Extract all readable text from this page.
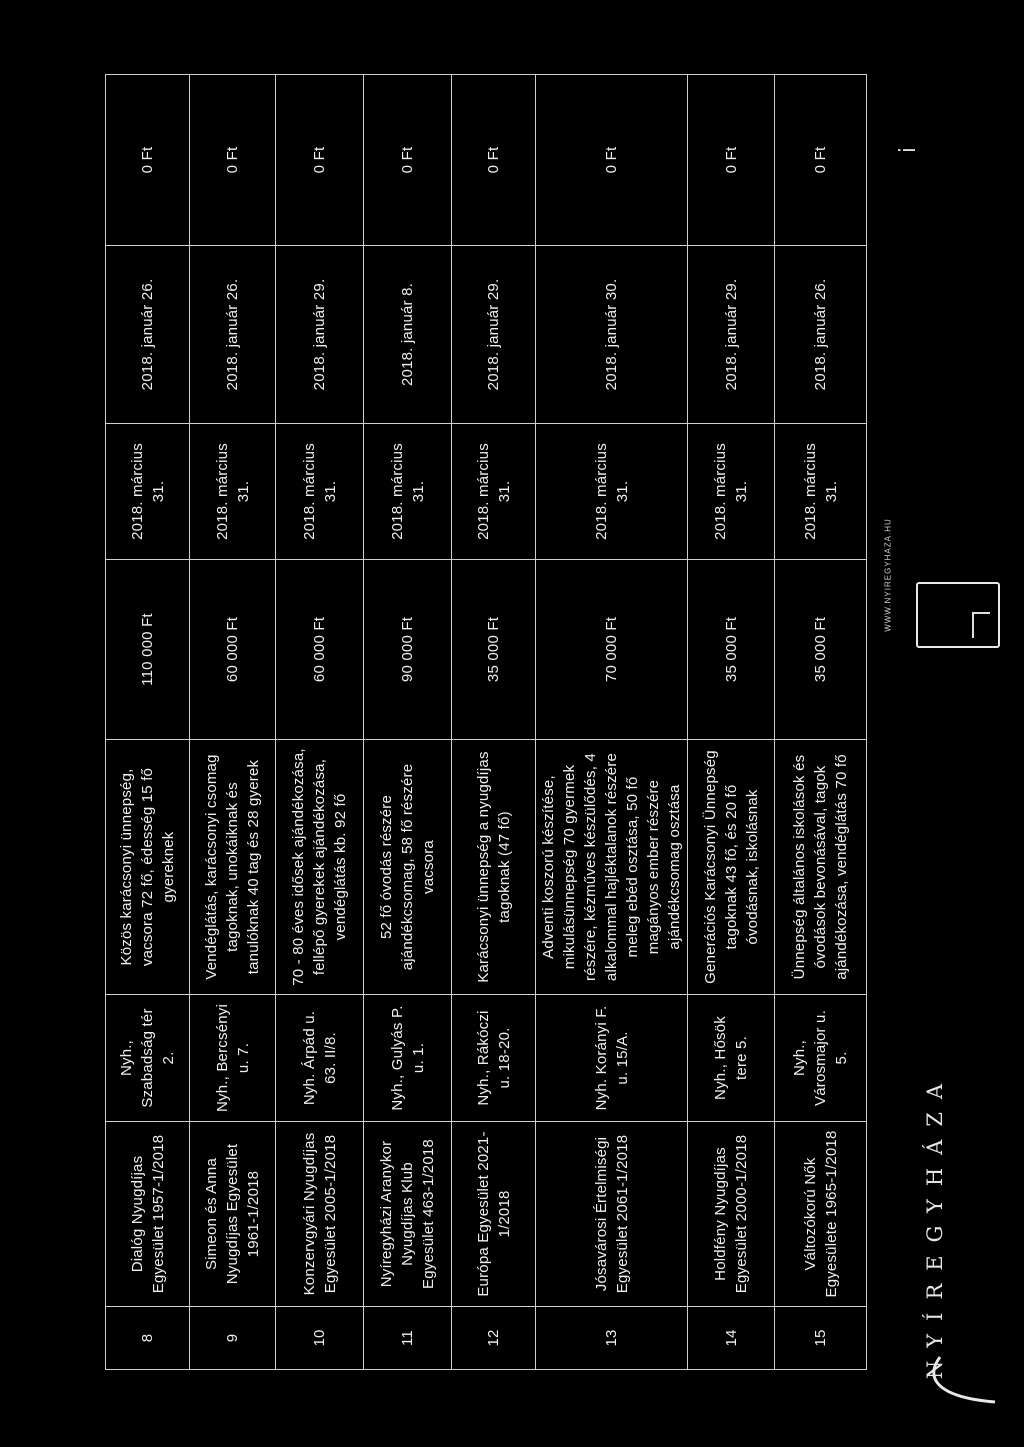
8	Dialóg Nyugdíjas Egyesület 1957-1/2018	Nyh., Szabadság tér 2.	Közös karácsonyi ünnepség, vacsora 72 fő, édesség 15 fő gyereknek	110 000 Ft	2018. március 31.	2018. január 26.	0 Ft
9	Simeon és Anna Nyugdíjas Egyesület 1961-1/2018	Nyh., Bercsényi u. 7.	Vendéglátás, karácsonyi csomag tagoknak, unokáiknak és tanulóknak 40 tag és 28 gyerek	60 000 Ft	2018. március 31.	2018. január 26.	0 Ft
10	Konzervgyári Nyugdíjas Egyesület 2005-1/2018	Nyh. Árpád u. 63. II/8.	70 - 80 éves idősek ajándékozása, fellépő gyerekek ajándékozása, vendéglátás kb. 92 fő	60 000 Ft	2018. március 31.	2018. január 29.	0 Ft
11	Nyíregyházi Aranykor Nyugdíjas Klub Egyesület 463-1/2018	Nyh., Gulyás P. u. 1.	52 fő óvodás részére ajándékcsomag, 58 fő részére vacsora	90 000 Ft	2018. március 31.	2018. január 8.	0 Ft
12	Európa Egyesület 2021-1/2018	Nyh., Rákóczi u. 18-20.	Karácsonyi ünnepség a nyugdíjas tagoknak (47 fő)	35 000 Ft	2018. március 31.	2018. január 29.	0 Ft
13	Jósavárosi Értelmiségi Egyesület 2061-1/2018	Nyh. Korányi F. u. 15/A.	Adventi koszorú készítése, mikulásünnepség 70 gyermek részére, kézműves készülődés, 4 alkalommal hajléktalanok részére meleg ebéd osztása, 50 fő magányos ember részére ajándékcsomag osztása	70 000 Ft	2018. március 31.	2018. január 30.	0 Ft
14	Holdfény Nyugdíjas Egyesület 2000-1/2018	Nyh., Hősök tere 5.	Generációs Karácsonyi Ünnepség tagoknak 43 fő, és 20 fő óvodásnak, iskolásnak	35 000 Ft	2018. március 31.	2018. január 29.	0 Ft
15	Változókorú Nők Egyesülete 1965-1/2018	Nyh., Városmajor u. 5.	Ünnepség általános iskolások és óvodások bevonásával, tagok ajándékozása, vendéglátás 70 fő	35 000 Ft	2018. március 31.	2018. január 26.	0 Ft
NYÍREGYHÁZA
WWW.NYIREGYHAZA.HU
ⅰ
